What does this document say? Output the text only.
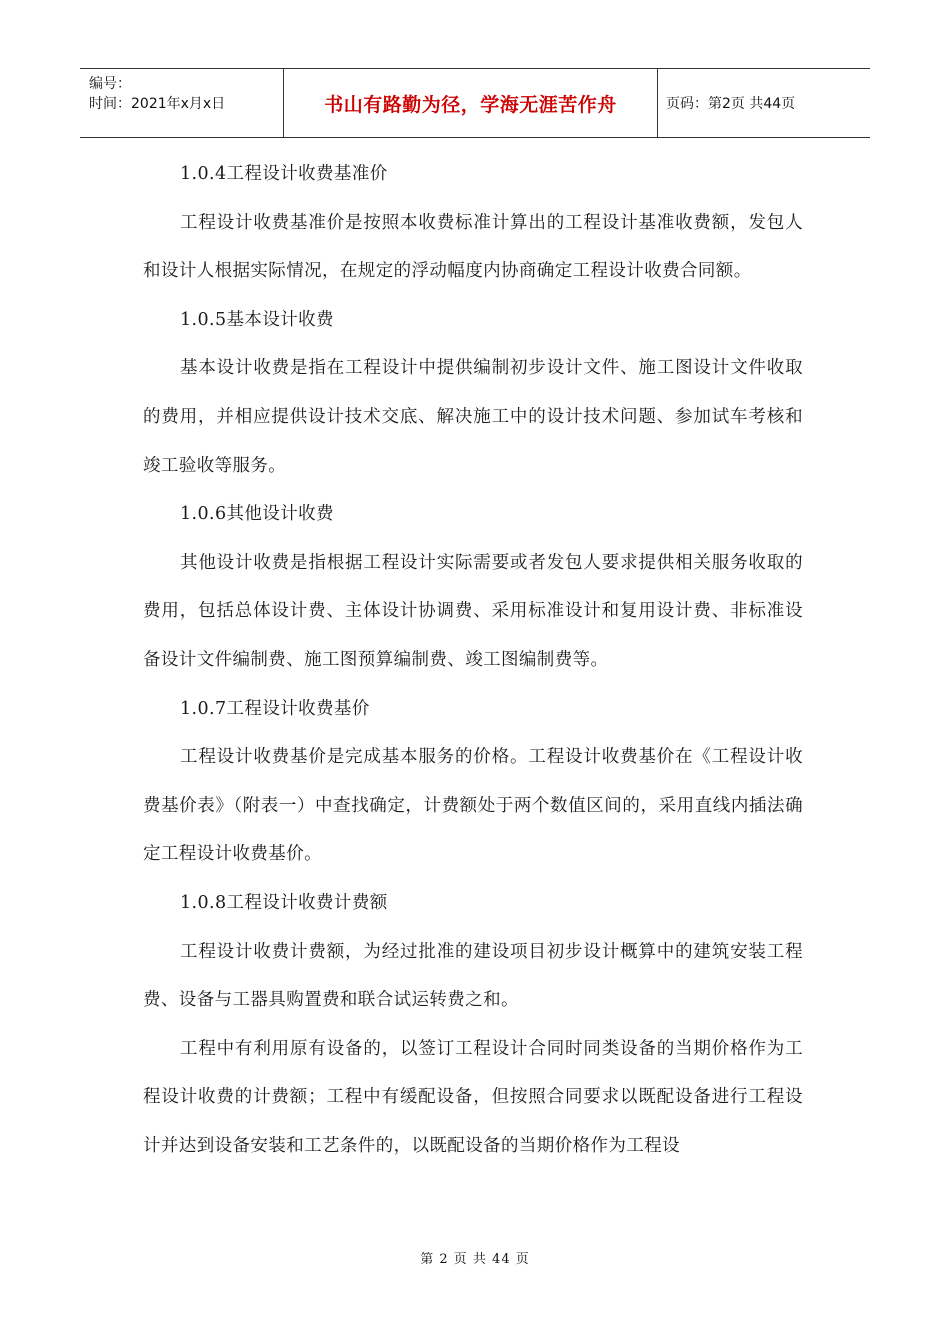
编号：
时间：2021年x月x日	书山有路勤为径，学海无涯苦作舟	页码：第2页 共44页

1.0.4工程设计收费基准价

工程设计收费基准价是按照本收费标准计算出的工程设计基准收费额，发包人和设计人根据实际情况，在规定的浮动幅度内协商确定工程设计收费合同额。

1.0.5基本设计收费

基本设计收费是指在工程设计中提供编制初步设计文件、施工图设计文件收取的费用，并相应提供设计技术交底、解决施工中的设计技术问题、参加试车考核和竣工验收等服务。

1.0.6其他设计收费

其他设计收费是指根据工程设计实际需要或者发包人要求提供相关服务收取的费用，包括总体设计费、主体设计协调费、采用标准设计和复用设计费、非标准设备设计文件编制费、施工图预算编制费、竣工图编制费等。

1.0.7工程设计收费基价

工程设计收费基价是完成基本服务的价格。工程设计收费基价在《工程设计收费基价表》（附表一）中查找确定，计费额处于两个数值区间的，采用直线内插法确定工程设计收费基价。

1.0.8工程设计收费计费额

工程设计收费计费额，为经过批准的建设项目初步设计概算中的建筑安装工程费、设备与工器具购置费和联合试运转费之和。

工程中有利用原有设备的，以签订工程设计合同时同类设备的当期价格作为工程设计收费的计费额；工程中有缓配设备，但按照合同要求以既配设备进行工程设计并达到设备安装和工艺条件的，以既配设备的当期价格作为工程设

第 2 页 共 44 页
